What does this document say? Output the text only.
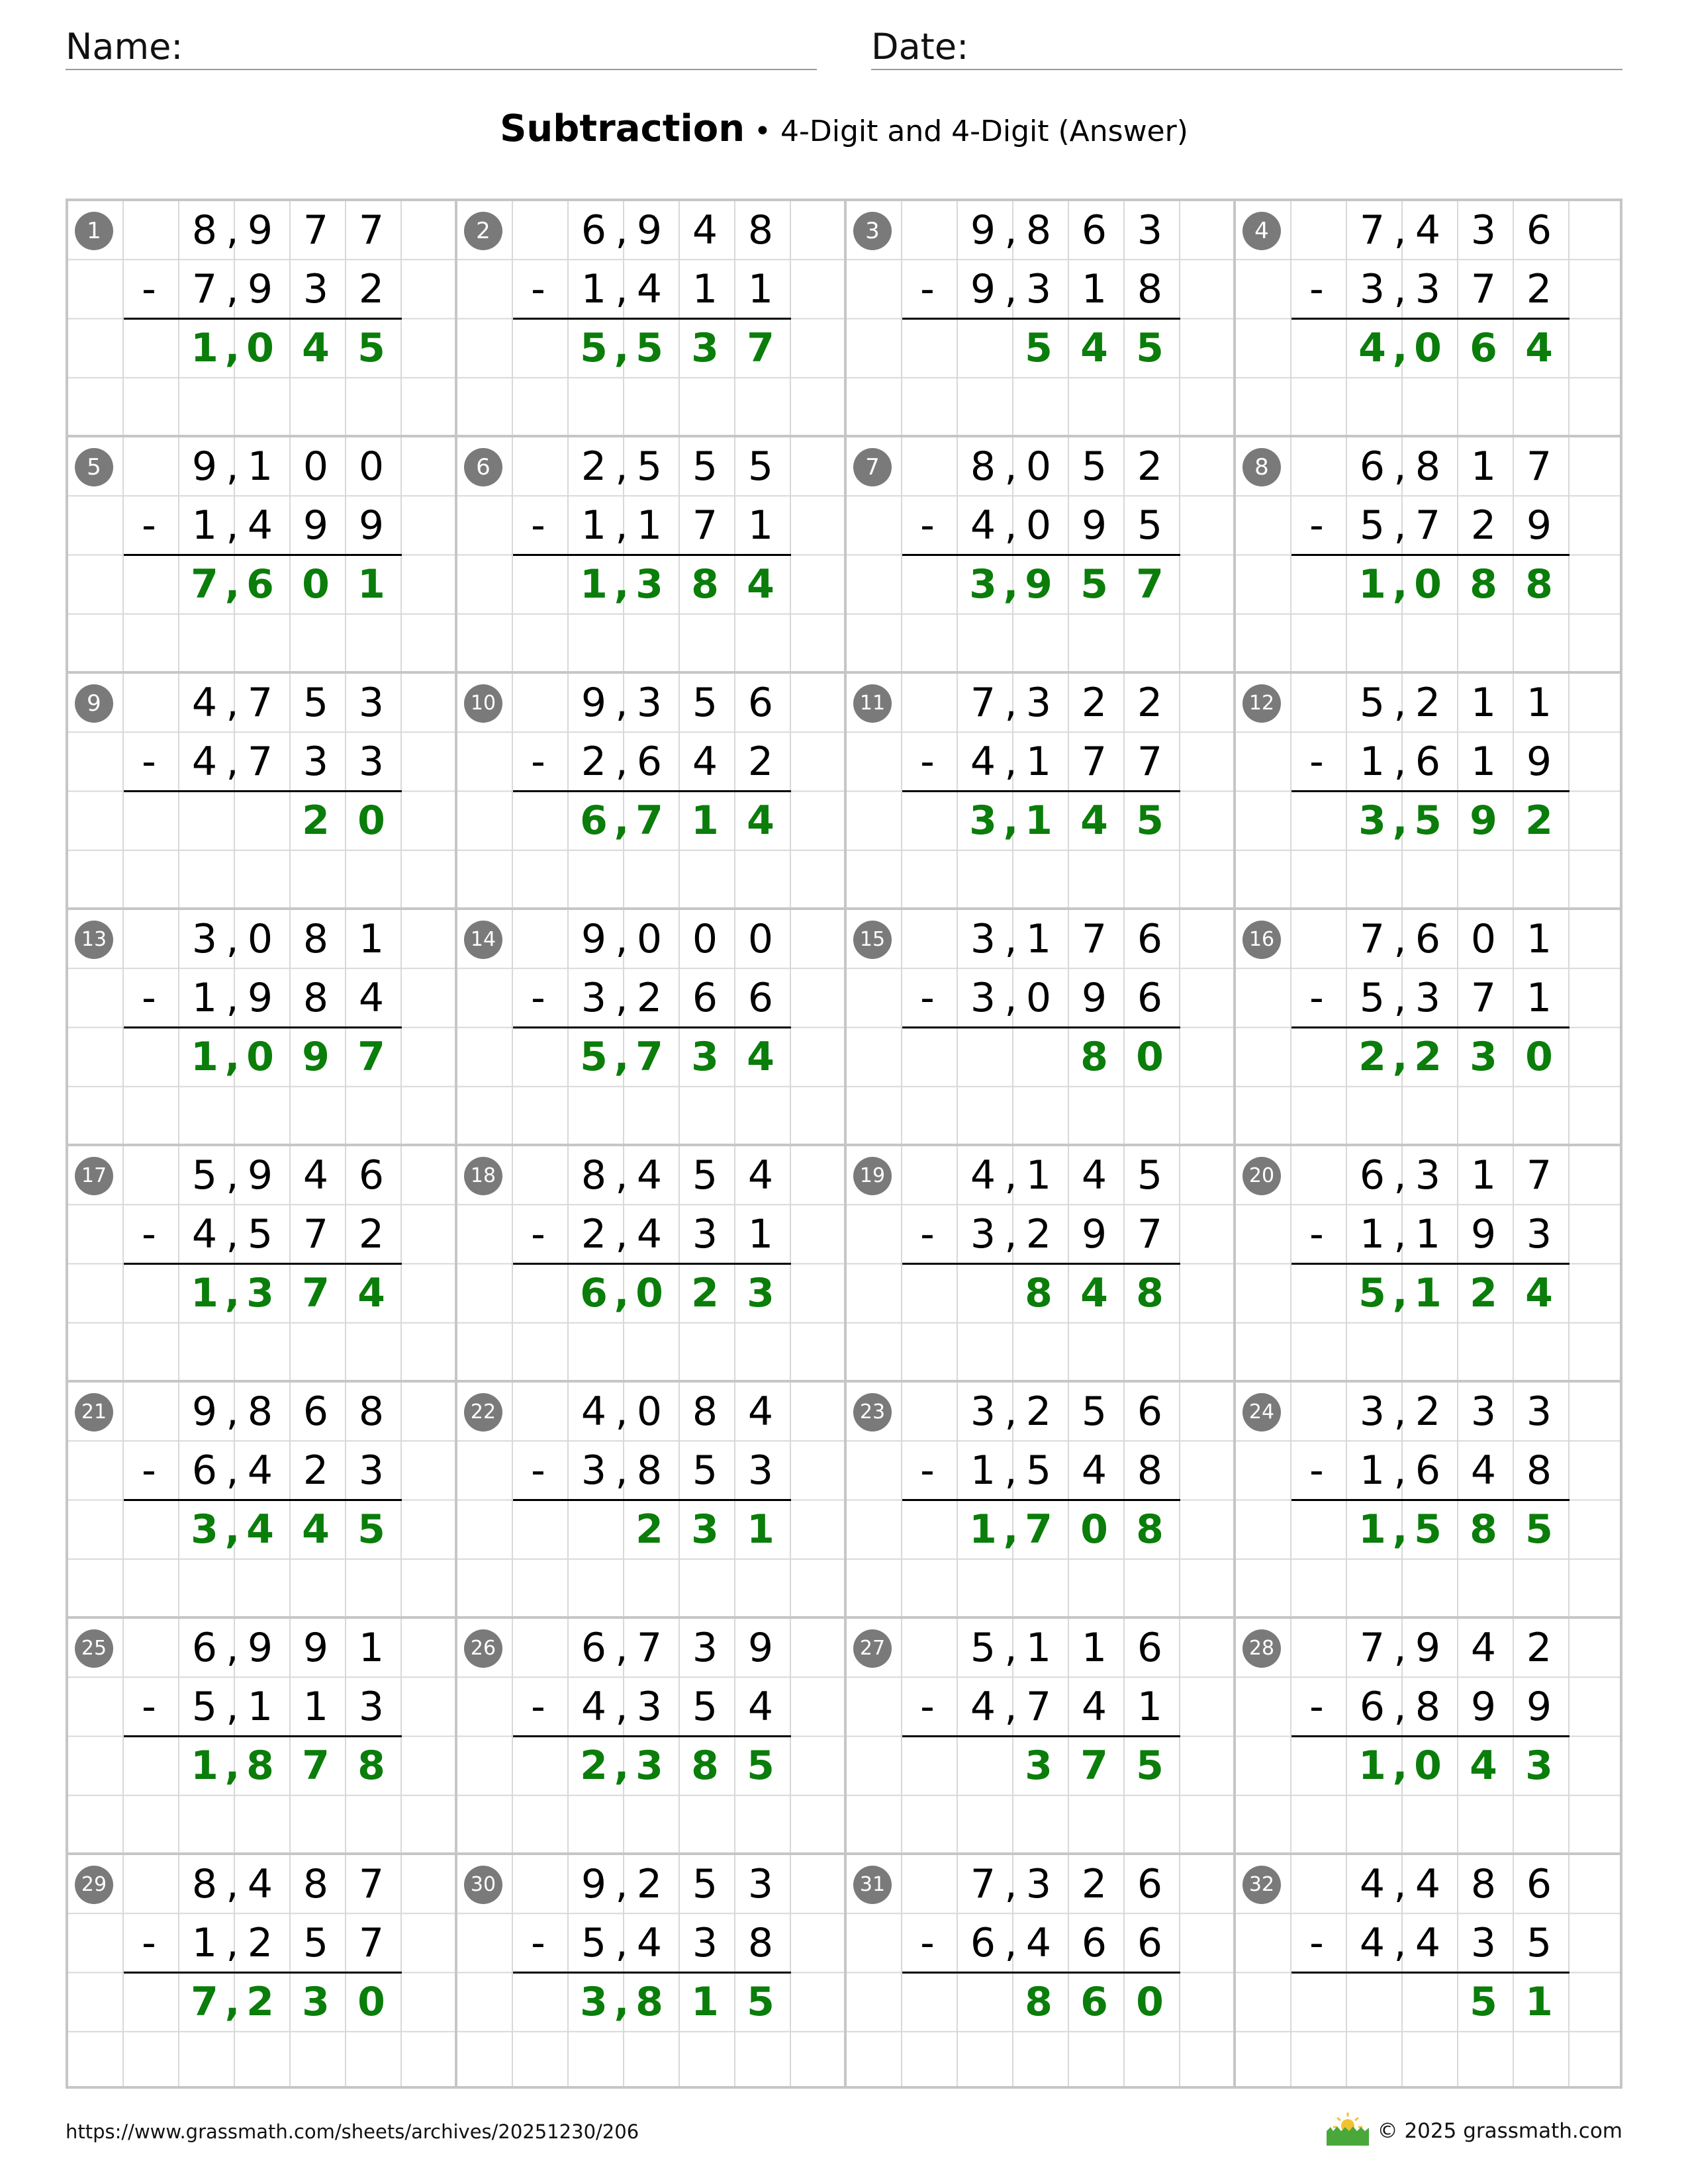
Name:	Date:
Subtraction • 4-Digit and 4-Digit (Answer)
1	8 , 9 7 7
- 7 , 9 3 2
1 , 0 4 5
2	6 , 9 4 8
- 1 , 4 1 1
5 , 5 3 7
3	9 , 8 6 3
- 9 , 3 1 8
5 4 5
4	7 , 4 3 6
- 3 , 3 7 2
4 , 0 6 4
5	9 , 1 0 0
- 1 , 4 9 9
7 , 6 0 1
6	2 , 5 5 5
- 1 , 1 7 1
1 , 3 8 4
7	8 , 0 5 2
- 4 , 0 9 5
3 , 9 5 7
8	6 , 8 1 7
- 5 , 7 2 9
1 , 0 8 8
9	4 , 7 5 3
- 4 , 7 3 3
2 0
10	9 , 3 5 6
- 2 , 6 4 2
6 , 7 1 4
11	7 , 3 2 2
- 4 , 1 7 7
3 , 1 4 5
12	5 , 2 1 1
- 1 , 6 1 9
3 , 5 9 2
13	3 , 0 8 1
- 1 , 9 8 4
1 , 0 9 7
14	9 , 0 0 0
- 3 , 2 6 6
5 , 7 3 4
15	3 , 1 7 6
- 3 , 0 9 6
8 0
16	7 , 6 0 1
- 5 , 3 7 1
2 , 2 3 0
17	5 , 9 4 6
- 4 , 5 7 2
1 , 3 7 4
18	8 , 4 5 4
- 2 , 4 3 1
6 , 0 2 3
19	4 , 1 4 5
- 3 , 2 9 7
8 4 8
20	6 , 3 1 7
- 1 , 1 9 3
5 , 1 2 4
21	9 , 8 6 8
- 6 , 4 2 3
3 , 4 4 5
22	4 , 0 8 4
- 3 , 8 5 3
2 3 1
23	3 , 2 5 6
- 1 , 5 4 8
1 , 7 0 8
24	3 , 2 3 3
- 1 , 6 4 8
1 , 5 8 5
25	6 , 9 9 1
- 5 , 1 1 3
1 , 8 7 8
26	6 , 7 3 9
- 4 , 3 5 4
2 , 3 8 5
27	5 , 1 1 6
- 4 , 7 4 1
3 7 5
28	7 , 9 4 2
- 6 , 8 9 9
1 , 0 4 3
29	8 , 4 8 7
- 1 , 2 5 7
7 , 2 3 0
30	9 , 2 5 3
- 5 , 4 3 8
3 , 8 1 5
31	7 , 3 2 6
- 6 , 4 6 6
8 6 0
32	4 , 4 8 6
- 4 , 4 3 5
5 1
https://www.grassmath.com/sheets/archives/20251230/206	© 2025 grassmath.com
